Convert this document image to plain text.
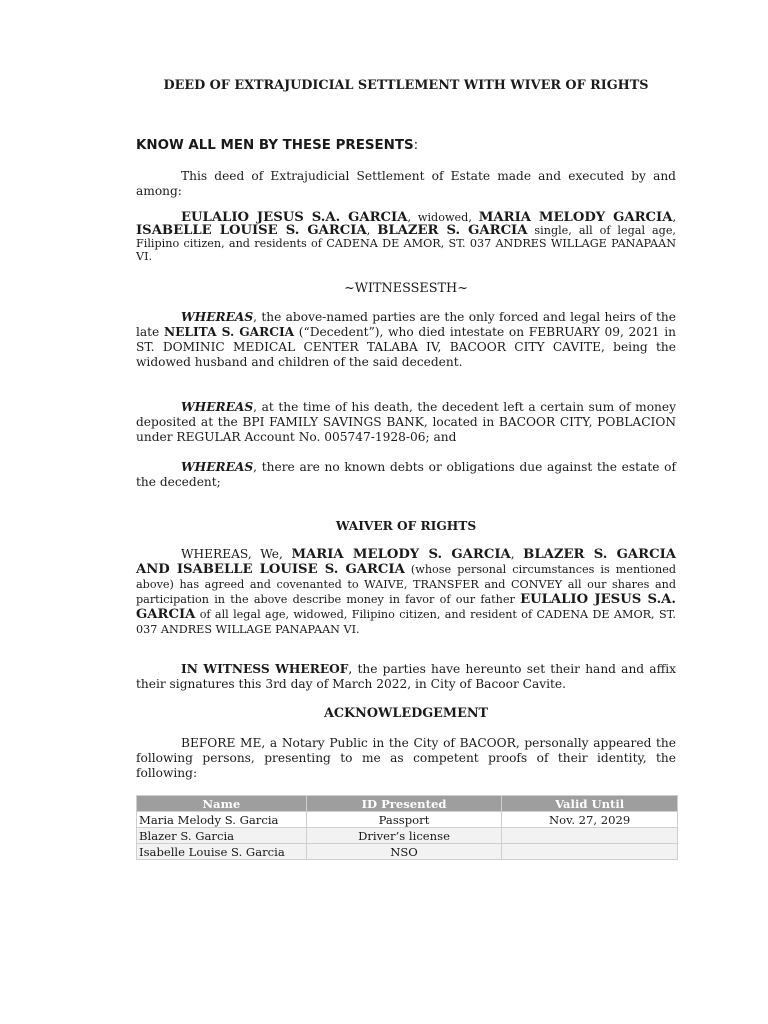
DEED OF EXTRAJUDICIAL SETTLEMENT WITH WIVER OF RIGHTS
KNOW ALL MEN BY THESE PRESENTS:

This deed of Extrajudicial Settlement of Estate made and executed by and among:

EULALIO JESUS S.A. GARCIA, widowed, MARIA MELODY GARCIA, ISABELLE LOUISE S. GARCIA, BLAZER S. GARCIA single, all of legal age, Filipino citizen, and residents of CADENA DE AMOR, ST. 037 ANDRES WILLAGE PANAPAAN VI.

~WITNESSESTH~

WHEREAS, the above-named parties are the only forced and legal heirs of the late NELITA S. GARCIA (“Decedent”), who died intestate on FEBRUARY 09, 2021 in ST. DOMINIC MEDICAL CENTER TALABA IV, BACOOR CITY CAVITE, being the widowed husband and children of the said decedent.

WHEREAS, at the time of his death, the decedent left a certain sum of money deposited at the BPI FAMILY SAVINGS BANK, located in BACOOR CITY, POBLACION under REGULAR Account No. 005747-1928-06; and

WHEREAS, there are no known debts or obligations due against the estate of the decedent;

WAIVER OF RIGHTS

WHEREAS, We, MARIA MELODY S. GARCIA, BLAZER S. GARCIA AND ISABELLE LOUISE S. GARCIA (whose personal circumstances is mentioned above) has agreed and covenanted to WAIVE, TRANSFER and CONVEY all our shares and participation in the above describe money in favor of our father EULALIO JESUS S.A. GARCIA of all legal age, widowed, Filipino citizen, and resident of CADENA DE AMOR, ST. 037 ANDRES WILLAGE PANAPAAN VI.

IN WITNESS WHEREOF, the parties have hereunto set their hand and affix their signatures this 3rd day of March 2022, in City of Bacoor Cavite.

ACKNOWLEDGEMENT

BEFORE ME, a Notary Public in the City of BACOOR, personally appeared the following persons, presenting to me as competent proofs of their identity, the following:

Name	ID Presented	Valid Until
Maria Melody S. Garcia	Passport	Nov. 27, 2029
Blazer S. Garcia	Driver’s license	
Isabelle Louise S. Garcia	NSO	
